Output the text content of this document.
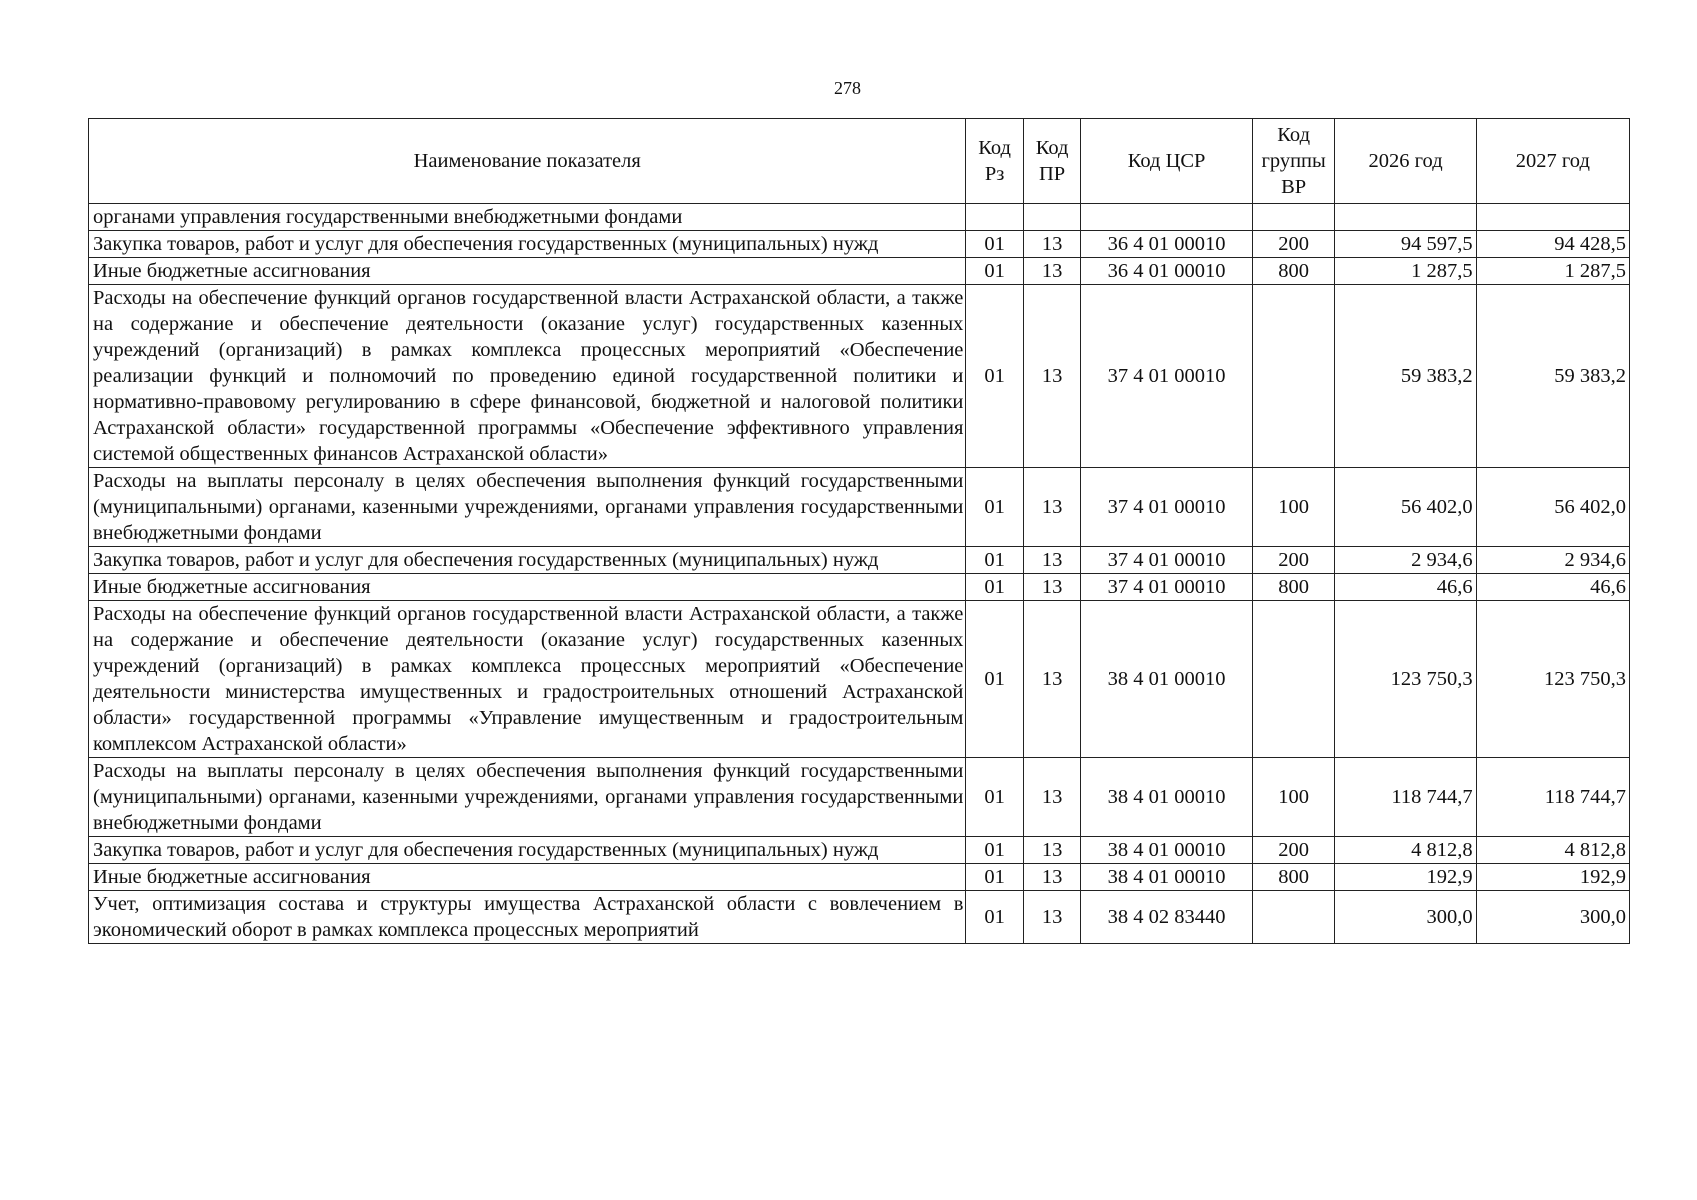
278
Наименование показателя	Код Рз	Код ПР	Код ЦСР	Код группы ВР	2026 год	2027 год
органами управления государственными внебюджетными фондами						
Закупка товаров, работ и услуг для обеспечения государственных (муниципальных) нужд	01	13	36 4 01 00010	200	94 597,5	94 428,5
Иные бюджетные ассигнования	01	13	36 4 01 00010	800	1 287,5	1 287,5
Расходы на обеспечение функций органов государственной власти Астраханской области, а также на содержание и обеспечение деятельности (оказание услуг) государственных казенных учреждений (организаций) в рамках комплекса процессных мероприятий «Обеспечение реализации функций и полномочий по проведению единой государственной политики и нормативно-правовому регулированию в сфере финансовой, бюджетной и налоговой политики Астраханской области» государственной программы «Обеспечение эффективного управления системой общественных финансов Астраханской области»	01	13	37 4 01 00010		59 383,2	59 383,2
Расходы на выплаты персоналу в целях обеспечения выполнения функций государственными (муниципальными) органами, казенными учреждениями, органами управления государственными внебюджетными фондами	01	13	37 4 01 00010	100	56 402,0	56 402,0
Закупка товаров, работ и услуг для обеспечения государственных (муниципальных) нужд	01	13	37 4 01 00010	200	2 934,6	2 934,6
Иные бюджетные ассигнования	01	13	37 4 01 00010	800	46,6	46,6
Расходы на обеспечение функций органов государственной власти Астраханской области, а также на содержание и обеспечение деятельности (оказание услуг) государственных казенных учреждений (организаций) в рамках комплекса процессных мероприятий «Обеспечение деятельности министерства имущественных и градостроительных отношений Астраханской области» государственной программы «Управление имущественным и градостроительным комплексом Астраханской области»	01	13	38 4 01 00010		123 750,3	123 750,3
Расходы на выплаты персоналу в целях обеспечения выполнения функций государственными (муниципальными) органами, казенными учреждениями, органами управления государственными внебюджетными фондами	01	13	38 4 01 00010	100	118 744,7	118 744,7
Закупка товаров, работ и услуг для обеспечения государственных (муниципальных) нужд	01	13	38 4 01 00010	200	4 812,8	4 812,8
Иные бюджетные ассигнования	01	13	38 4 01 00010	800	192,9	192,9
Учет, оптимизация состава и структуры имущества Астраханской области с вовлечением в экономический оборот в рамках комплекса процессных мероприятий	01	13	38 4 02 83440		300,0	300,0
